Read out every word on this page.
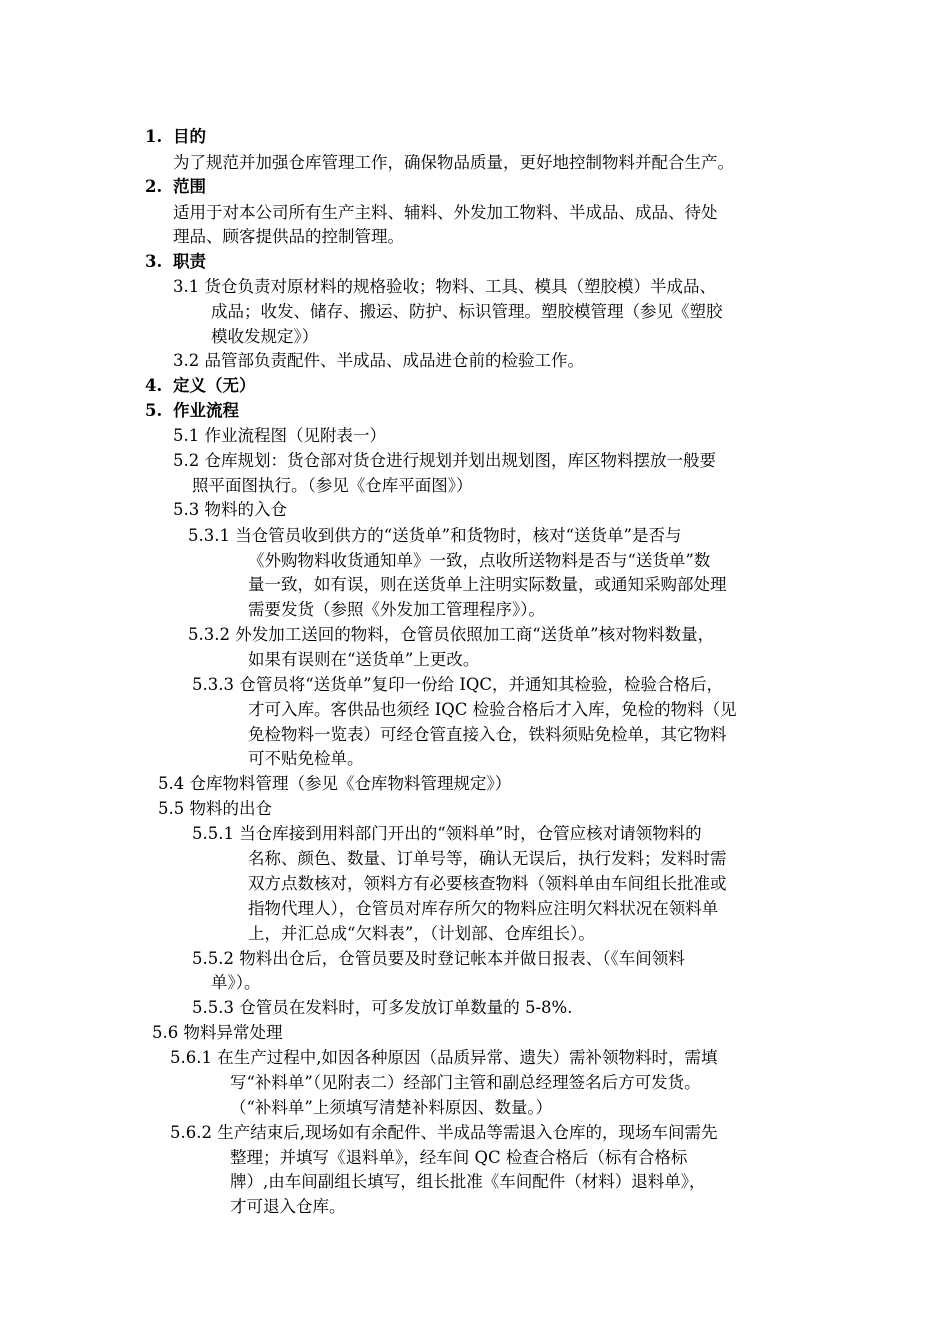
1. 目的
为了规范并加强仓库管理工作，确保物品质量，更好地控制物料并配合生产。
2. 范围
适用于对本公司所有生产主料、辅料、外发加工物料、半成品、成品、待处
理品、顾客提供品的控制管理。
3. 职责
3.1 货仓负责对原材料的规格验收；物料、工具、模具（塑胶模）半成品、
成品；收发、储存、搬运、防护、标识管理。塑胶模管理（参见《塑胶
模收发规定》）
3.2 品管部负责配件、半成品、成品进仓前的检验工作。
4. 定义（无）
5. 作业流程
5.1 作业流程图（见附表一）
5.2 仓库规划：货仓部对货仓进行规划并划出规划图，库区物料摆放一般要
照平面图执行。（参见《仓库平面图》）
5.3 物料的入仓
5.3.1 当仓管员收到供方的“送货单”和货物时，核对“送货单”是否与
《外购物料收货通知单》一致，点收所送物料是否与“送货单”数
量一致，如有误，则在送货单上注明实际数量，或通知采购部处理
需要发货（参照《外发加工管理程序》）。
5.3.2 外发加工送回的物料，仓管员依照加工商“送货单”核对物料数量，
如果有误则在“送货单”上更改。
5.3.3 仓管员将“送货单”复印一份给 IQC，并通知其检验，检验合格后，
才可入库。客供品也须经 IQC 检验合格后才入库，免检的物料（见
免检物料一览表）可经仓管直接入仓，铁料须贴免检单，其它物料
可不贴免检单。
5.4 仓库物料管理（参见《仓库物料管理规定》）
5.5 物料的出仓
5.5.1 当仓库接到用料部门开出的“领料单”时，仓管应核对请领物料的
名称、颜色、数量、订单号等，确认无误后，执行发料；发料时需
双方点数核对，领料方有必要核查物料（领料单由车间组长批准或
指物代理人），仓管员对库存所欠的物料应注明欠料状况在领料单
上，并汇总成“欠料表”，（计划部、仓库组长）。
5.5.2 物料出仓后，仓管员要及时登记帐本并做日报表、（《车间领料
单》）。
5.5.3 仓管员在发料时，可多发放订单数量的 5-8%.
5.6 物料异常处理
5.6.1 在生产过程中,如因各种原因（品质异常、遗失）需补领物料时，需填
写“补料单”（见附表二）经部门主管和副总经理签名后方可发货。
（“补料单”上须填写清楚补料原因、数量。）
5.6.2 生产结束后,现场如有余配件、半成品等需退入仓库的，现场车间需先
整理；并填写《退料单》，经车间 QC 检查合格后（标有合格标
牌）,由车间副组长填写，组长批准《车间配件（材料）退料单》，
才可退入仓库。
